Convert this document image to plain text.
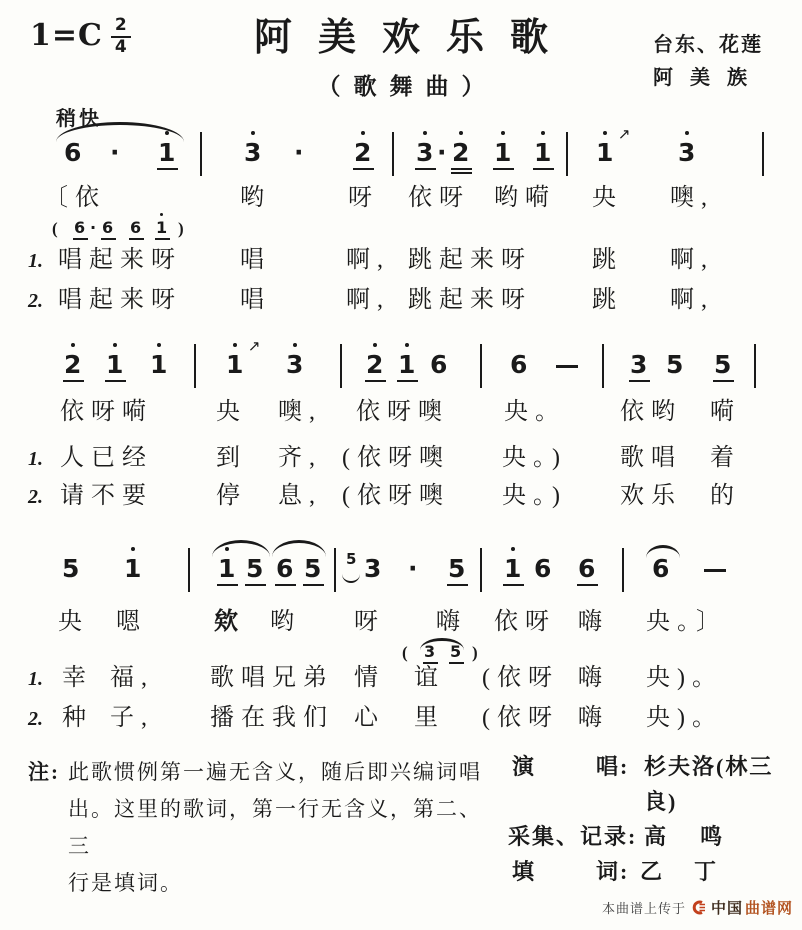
$1=C \frac{2}{4}$	阿美欢乐歌
（歌舞曲）
台东、花莲
阿美族
稍快
6 · 1	3 · 2 3 · 2 1 1 1
↗
3
〔依	哟	呀 依呀 哟嗬 央 噢,
( 6 · 6 6 1 )
1. 唱起来呀 唱	啊, 跳起来呀	跳 啊,
2. 唱起来呀 唱	啊, 跳起来呀	跳 啊,
2 1 1 1
↗
3	2 1 6	6	3 5 5
依呀嗬	央 噢, 依呀噢 央。 依哟 嗬
1. 人已经	到 齐, (依呀噢 央。) 歌唱 着
2. 请不要	停 息, (依呀噢 央。) 欢乐 的
5 1	1 5 6 5 5 3 · 5 1 6 6 6
央 嗯	欸 哟 呀 嗨 依呀 嗨 央。〕
( 3 5 )
1. 幸 福, 歌唱兄弟 情 谊 (依呀 嗨 央)。
2. 种 子, 播在我们 心 里 (依呀 嗨 央)。
演	唱: 杉夫洛(林三
良)
采集、记录: 高 鸣
填	词: 乙 丁
注: 此歌惯例第一遍无含义，随后即兴编词唱
出。这里的歌词，第一行无含义，第二、三
行是填词。
本曲谱上传于 中国 曲谱网
